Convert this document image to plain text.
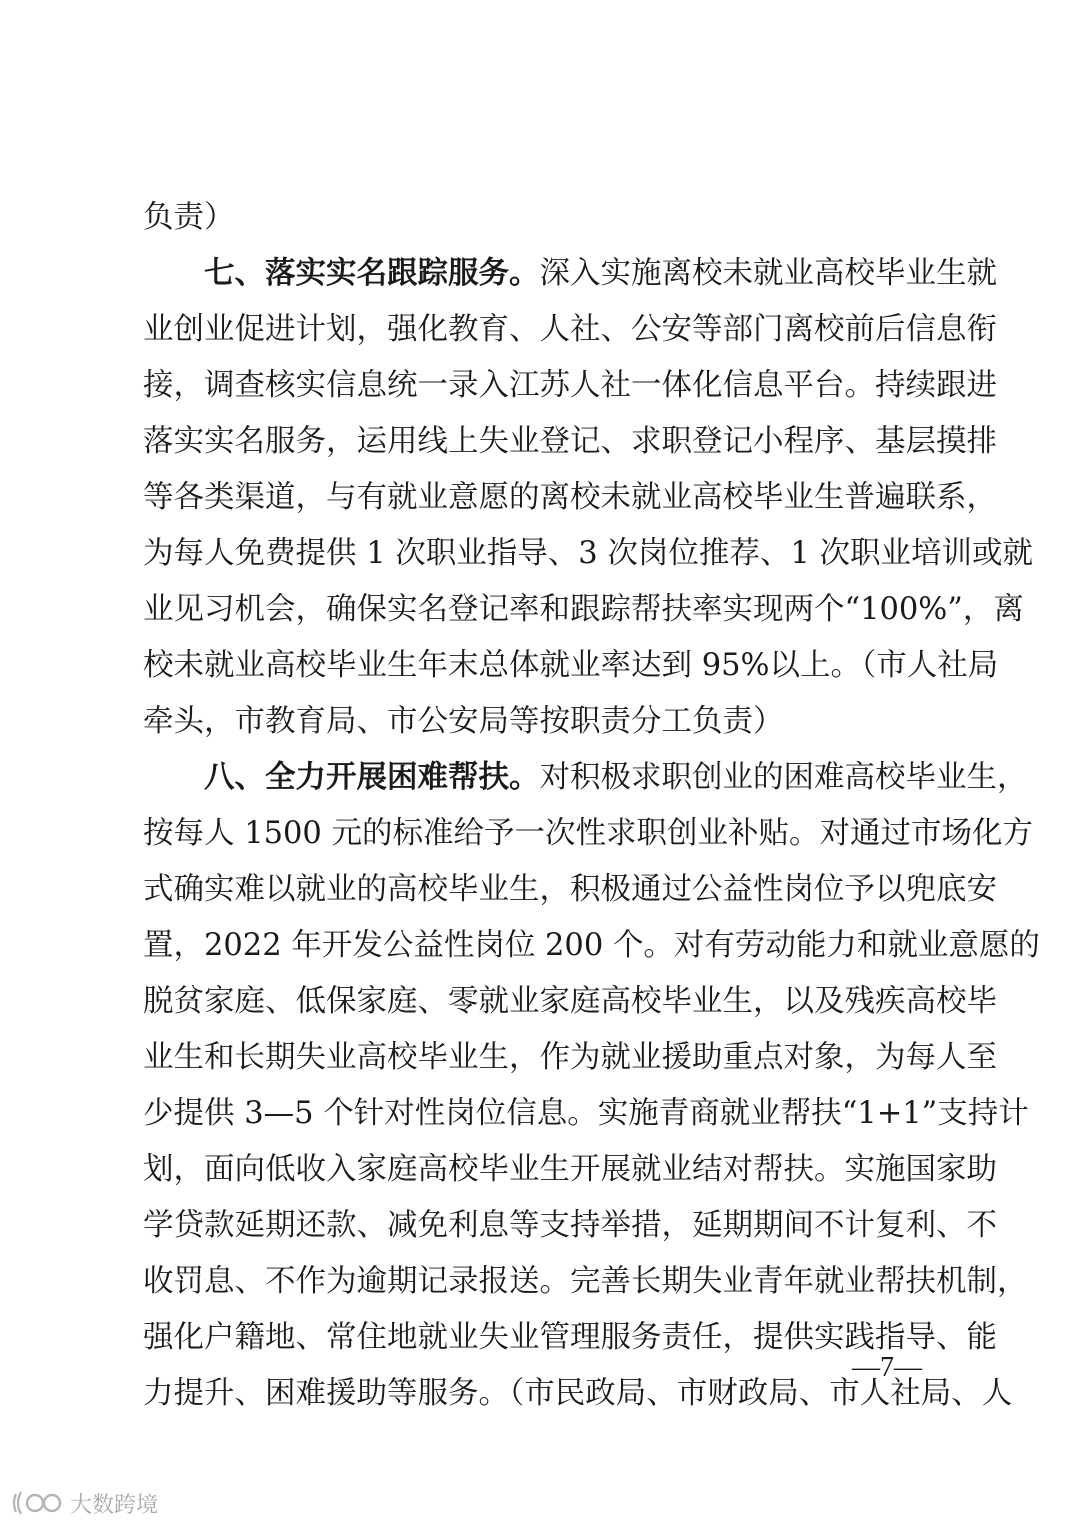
负责）
七、落实实名跟踪服务。深入实施离校未就业高校毕业生就
业创业促进计划，强化教育、人社、公安等部门离校前后信息衔
接，调查核实信息统一录入江苏人社一体化信息平台。持续跟进
落实实名服务，运用线上失业登记、求职登记小程序、基层摸排
等各类渠道，与有就业意愿的离校未就业高校毕业生普遍联系，
为每人免费提供 1 次职业指导、3 次岗位推荐、1 次职业培训或就
业见习机会，确保实名登记率和跟踪帮扶率实现两个“100%”，离
校未就业高校毕业生年末总体就业率达到 95%以上。（市人社局
牵头，市教育局、市公安局等按职责分工负责）
八、全力开展困难帮扶。对积极求职创业的困难高校毕业生，
按每人 1500 元的标准给予一次性求职创业补贴。对通过市场化方
式确实难以就业的高校毕业生，积极通过公益性岗位予以兜底安
置，2022 年开发公益性岗位 200 个。对有劳动能力和就业意愿的
脱贫家庭、低保家庭、零就业家庭高校毕业生，以及残疾高校毕
业生和长期失业高校毕业生，作为就业援助重点对象，为每人至
少提供 3—5 个针对性岗位信息。实施青商就业帮扶“1+1”支持计
划，面向低收入家庭高校毕业生开展就业结对帮扶。实施国家助
学贷款延期还款、减免利息等支持举措，延期期间不计复利、不
收罚息、不作为逾期记录报送。完善长期失业青年就业帮扶机制，
强化户籍地、常住地就业失业管理服务责任，提供实践指导、能
力提升、困难援助等服务。（市民政局、市财政局、市人社局、人
—7—
大数跨境
